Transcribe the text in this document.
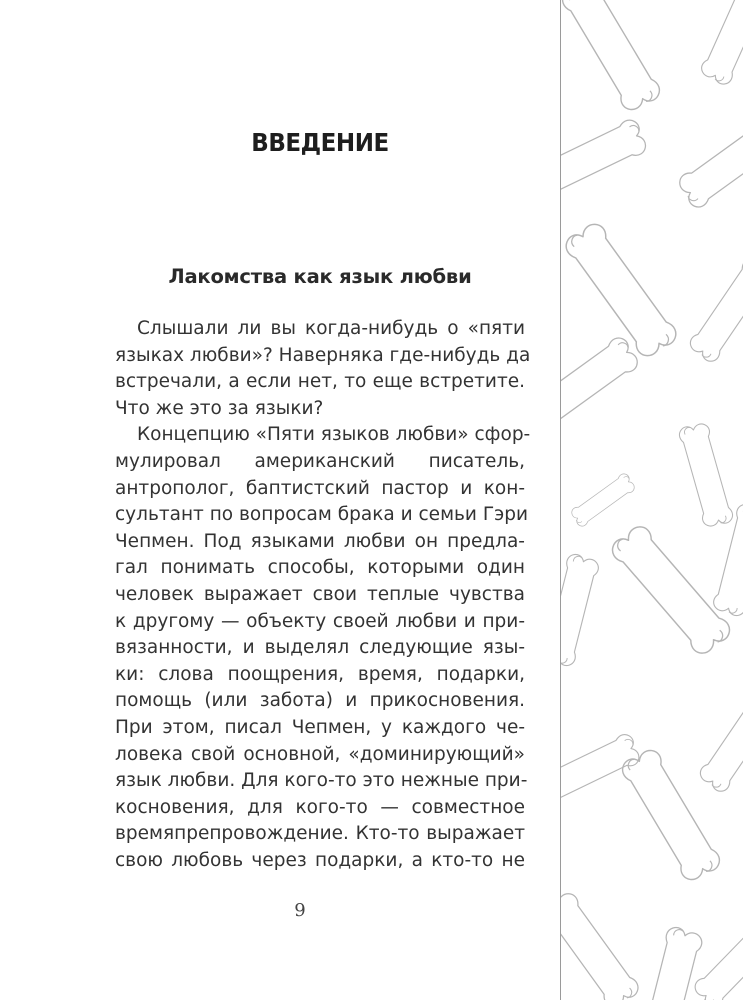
ВВЕДЕНИЕ
Лакомства как язык любви
Слышали ли вы когда-нибудь о «пяти
языках любви»? Наверняка где-нибудь да
встречали, а если нет, то еще встретите.
Что же это за языки?
Концепцию «Пяти языков любви» сфор-
мулировал американский писатель,
антрополог, баптистский пастор и кон-
сультант по вопросам брака и семьи Гэри
Чепмен. Под языками любви он предла-
гал понимать способы, которыми один
человек выражает свои теплые чувства
к другому — объекту своей любви и при-
вязанности, и выделял следующие язы-
ки: слова поощрения, время, подарки,
помощь (или забота) и прикосновения.
При этом, писал Чепмен, у каждого че-
ловека свой основной, «доминирующий»
язык любви. Для кого-то это нежные при-
косновения, для кого-то — совместное
времяпрепровождение. Кто-то выражает
свою любовь через подарки, а кто-то не
9
